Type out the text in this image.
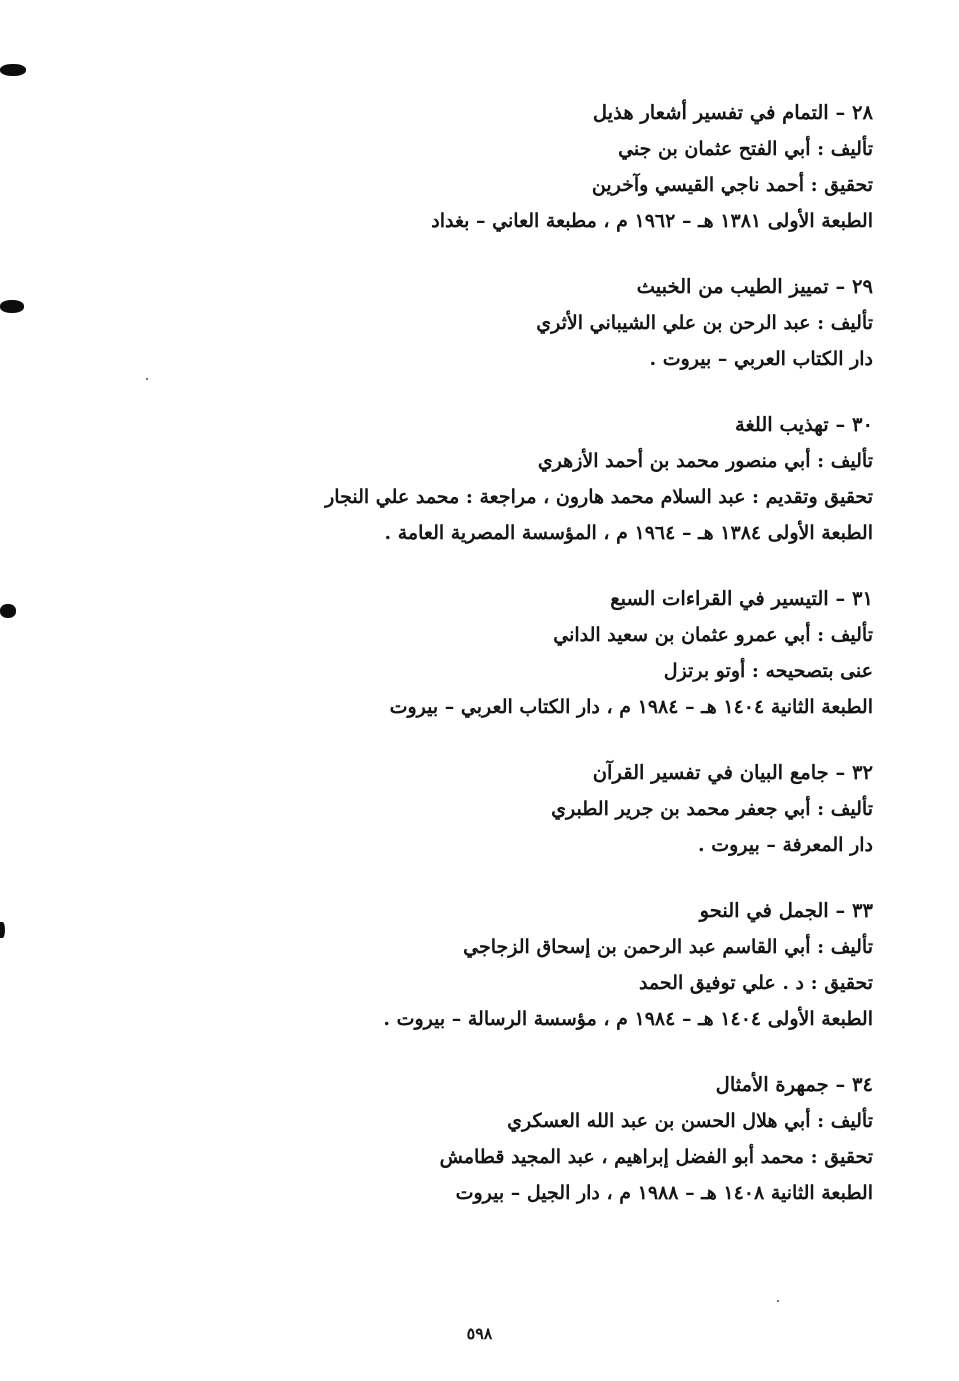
٢٨ – التمام في تفسير أشعار هذيل
تأليف : أبي الفتح عثمان بن جني
تحقيق : أحمد ناجي القيسي وآخرين
الطبعة الأولى ١٣٨١ هـ – ١٩٦٢ م ، مطبعة العاني – بغداد
٢٩ – تمييز الطيب من الخبيث
تأليف : عبد الرحن بن علي الشيباني الأثري
دار الكتاب العربي – بيروت .
٣٠ – تهذيب اللغة
تأليف : أبي منصور محمد بن أحمد الأزهري
تحقيق وتقديم : عبد السلام محمد هارون ، مراجعة : محمد علي النجار
الطبعة الأولى ١٣٨٤ هـ – ١٩٦٤ م ، المؤسسة المصرية العامة .
٣١ – التيسير في القراءات السبع
تأليف : أبي عمرو عثمان بن سعيد الداني
عنى بتصحيحه : أوتو برتزل
الطبعة الثانية ١٤٠٤ هـ – ١٩٨٤ م ، دار الكتاب العربي – بيروت
٣٢ – جامع البيان في تفسير القرآن
تأليف : أبي جعفر محمد بن جرير الطبري
دار المعرفة – بيروت .
٣٣ – الجمل في النحو
تأليف : أبي القاسم عبد الرحمن بن إسحاق الزجاجي
تحقيق : د . علي توفيق الحمد
الطبعة الأولى ١٤٠٤ هـ – ١٩٨٤ م ، مؤسسة الرسالة – بيروت .
٣٤ – جمهرة الأمثال
تأليف : أبي هلال الحسن بن عبد الله العسكري
تحقيق : محمد أبو الفضل إبراهيم ، عبد المجيد قطامش
الطبعة الثانية ١٤٠٨ هـ – ١٩٨٨ م ، دار الجيل – بيروت
٥٩٨
